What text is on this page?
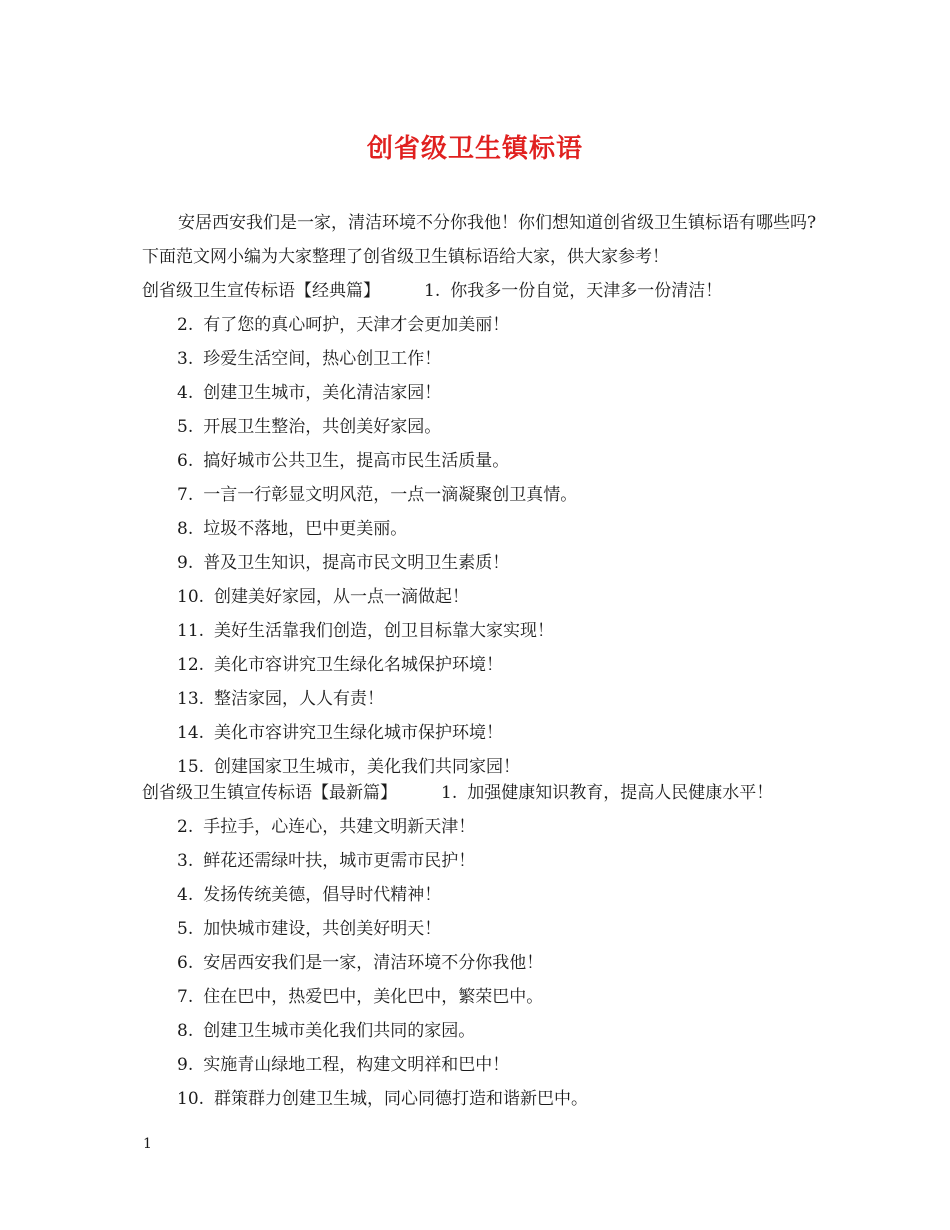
创省级卫生镇标语
安居西安我们是一家，清洁环境不分你我他！你们想知道创省级卫生镇标语有哪些吗?下面范文网小编为大家整理了创省级卫生镇标语给大家，供大家参考！
创省级卫生宣传标语【经典篇】	1. 你我多一份自觉，天津多一份清洁！
2. 有了您的真心呵护，天津才会更加美丽！
3. 珍爱生活空间，热心创卫工作！
4. 创建卫生城市，美化清洁家园！
5. 开展卫生整治，共创美好家园。
6. 搞好城市公共卫生，提高市民生活质量。
7. 一言一行彰显文明风范，一点一滴凝聚创卫真情。
8. 垃圾不落地，巴中更美丽。
9. 普及卫生知识，提高市民文明卫生素质！
10. 创建美好家园，从一点一滴做起！
11. 美好生活靠我们创造，创卫目标靠大家实现！
12. 美化市容讲究卫生绿化名城保护环境！
13. 整洁家园，人人有责！
14. 美化市容讲究卫生绿化城市保护环境！
15. 创建国家卫生城市，美化我们共同家园！
创省级卫生镇宣传标语【最新篇】	1. 加强健康知识教育，提高人民健康水平！
2. 手拉手，心连心，共建文明新天津！
3. 鲜花还需绿叶扶，城市更需市民护！
4. 发扬传统美德，倡导时代精神！
5. 加快城市建设，共创美好明天！
6. 安居西安我们是一家，清洁环境不分你我他！
7. 住在巴中，热爱巴中，美化巴中，繁荣巴中。
8. 创建卫生城市美化我们共同的家园。
9. 实施青山绿地工程，构建文明祥和巴中！
10. 群策群力创建卫生城，同心同德打造和谐新巴中。
1
